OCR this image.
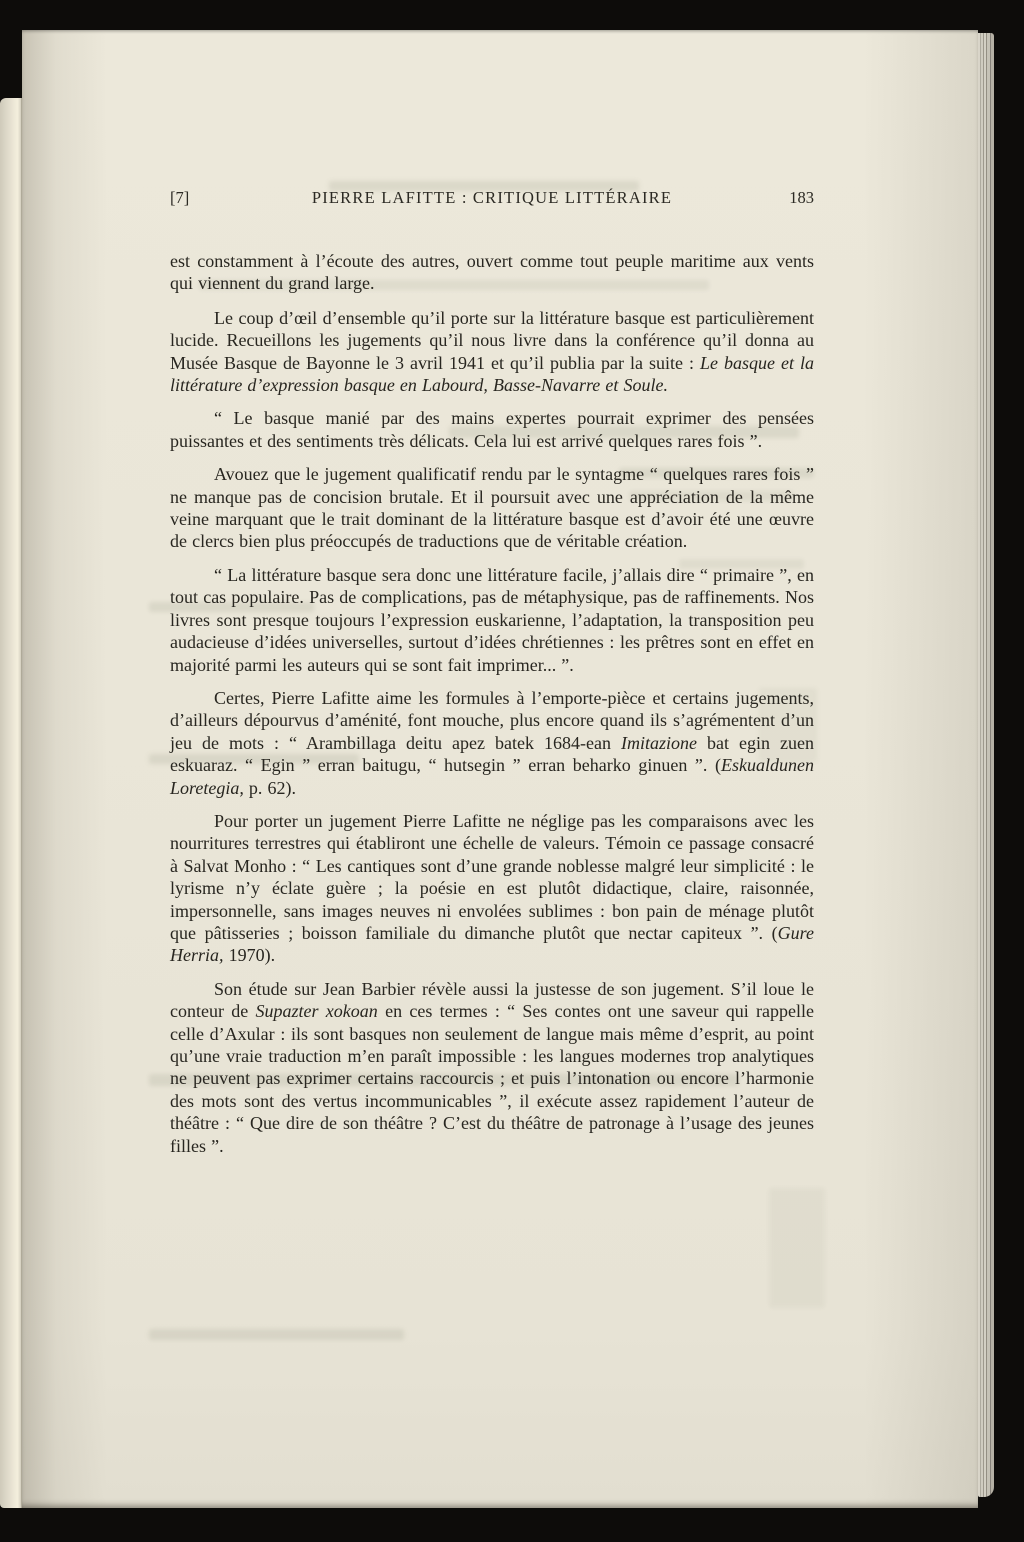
[7]	PIERRE LAFITTE : CRITIQUE LITTÉRAIRE	183

est constamment à l’écoute des autres, ouvert comme tout peuple maritime aux vents qui viennent du grand large.

Le coup d’œil d’ensemble qu’il porte sur la littérature basque est particulièrement lucide. Recueillons les jugements qu’il nous livre dans la conférence qu’il donna au Musée Basque de Bayonne le 3 avril 1941 et qu’il publia par la suite : Le basque et la littérature d’expression basque en Labourd, Basse-Navarre et Soule.

“ Le basque manié par des mains expertes pourrait exprimer des pensées puissantes et des sentiments très délicats. Cela lui est arrivé quelques rares fois ”.

Avouez que le jugement qualificatif rendu par le syntagme “ quelques rares fois ” ne manque pas de concision brutale. Et il poursuit avec une appréciation de la même veine marquant que le trait dominant de la littérature basque est d’avoir été une œuvre de clercs bien plus préoccupés de traductions que de véritable création.

“ La littérature basque sera donc une littérature facile, j’allais dire “ primaire ”, en tout cas populaire. Pas de complications, pas de métaphysique, pas de raffinements. Nos livres sont presque toujours l’expression euskarienne, l’adaptation, la transposition peu audacieuse d’idées universelles, surtout d’idées chrétiennes : les prêtres sont en effet en majorité parmi les auteurs qui se sont fait imprimer... ”.

Certes, Pierre Lafitte aime les formules à l’emporte-pièce et certains jugements, d’ailleurs dépourvus d’aménité, font mouche, plus encore quand ils s’agrémentent d’un jeu de mots : “ Arambillaga deitu apez batek 1684-ean Imitazione bat egin zuen eskuaraz. “ Egin ” erran baitugu, “ hutsegin ” erran beharko ginuen ”. (Eskualdunen Loretegia, p. 62).

Pour porter un jugement Pierre Lafitte ne néglige pas les comparaisons avec les nourritures terrestres qui établiront une échelle de valeurs. Témoin ce passage consacré à Salvat Monho : “ Les cantiques sont d’une grande noblesse malgré leur simplicité : le lyrisme n’y éclate guère ; la poésie en est plutôt didactique, claire, raisonnée, impersonnelle, sans images neuves ni envolées sublimes : bon pain de ménage plutôt que pâtisseries ; boisson familiale du dimanche plutôt que nectar capiteux ”. (Gure Herria, 1970).

Son étude sur Jean Barbier révèle aussi la justesse de son jugement. S’il loue le conteur de Supazter xokoan en ces termes : “ Ses contes ont une saveur qui rappelle celle d’Axular : ils sont basques non seulement de langue mais même d’esprit, au point qu’une vraie traduction m’en paraît impossible : les langues modernes trop analytiques ne peuvent pas exprimer certains raccourcis ; et puis l’intonation ou encore l’harmonie des mots sont des vertus incommunicables ”, il exécute assez rapidement l’auteur de théâtre : “ Que dire de son théâtre ? C’est du théâtre de patronage à l’usage des jeunes filles ”.
